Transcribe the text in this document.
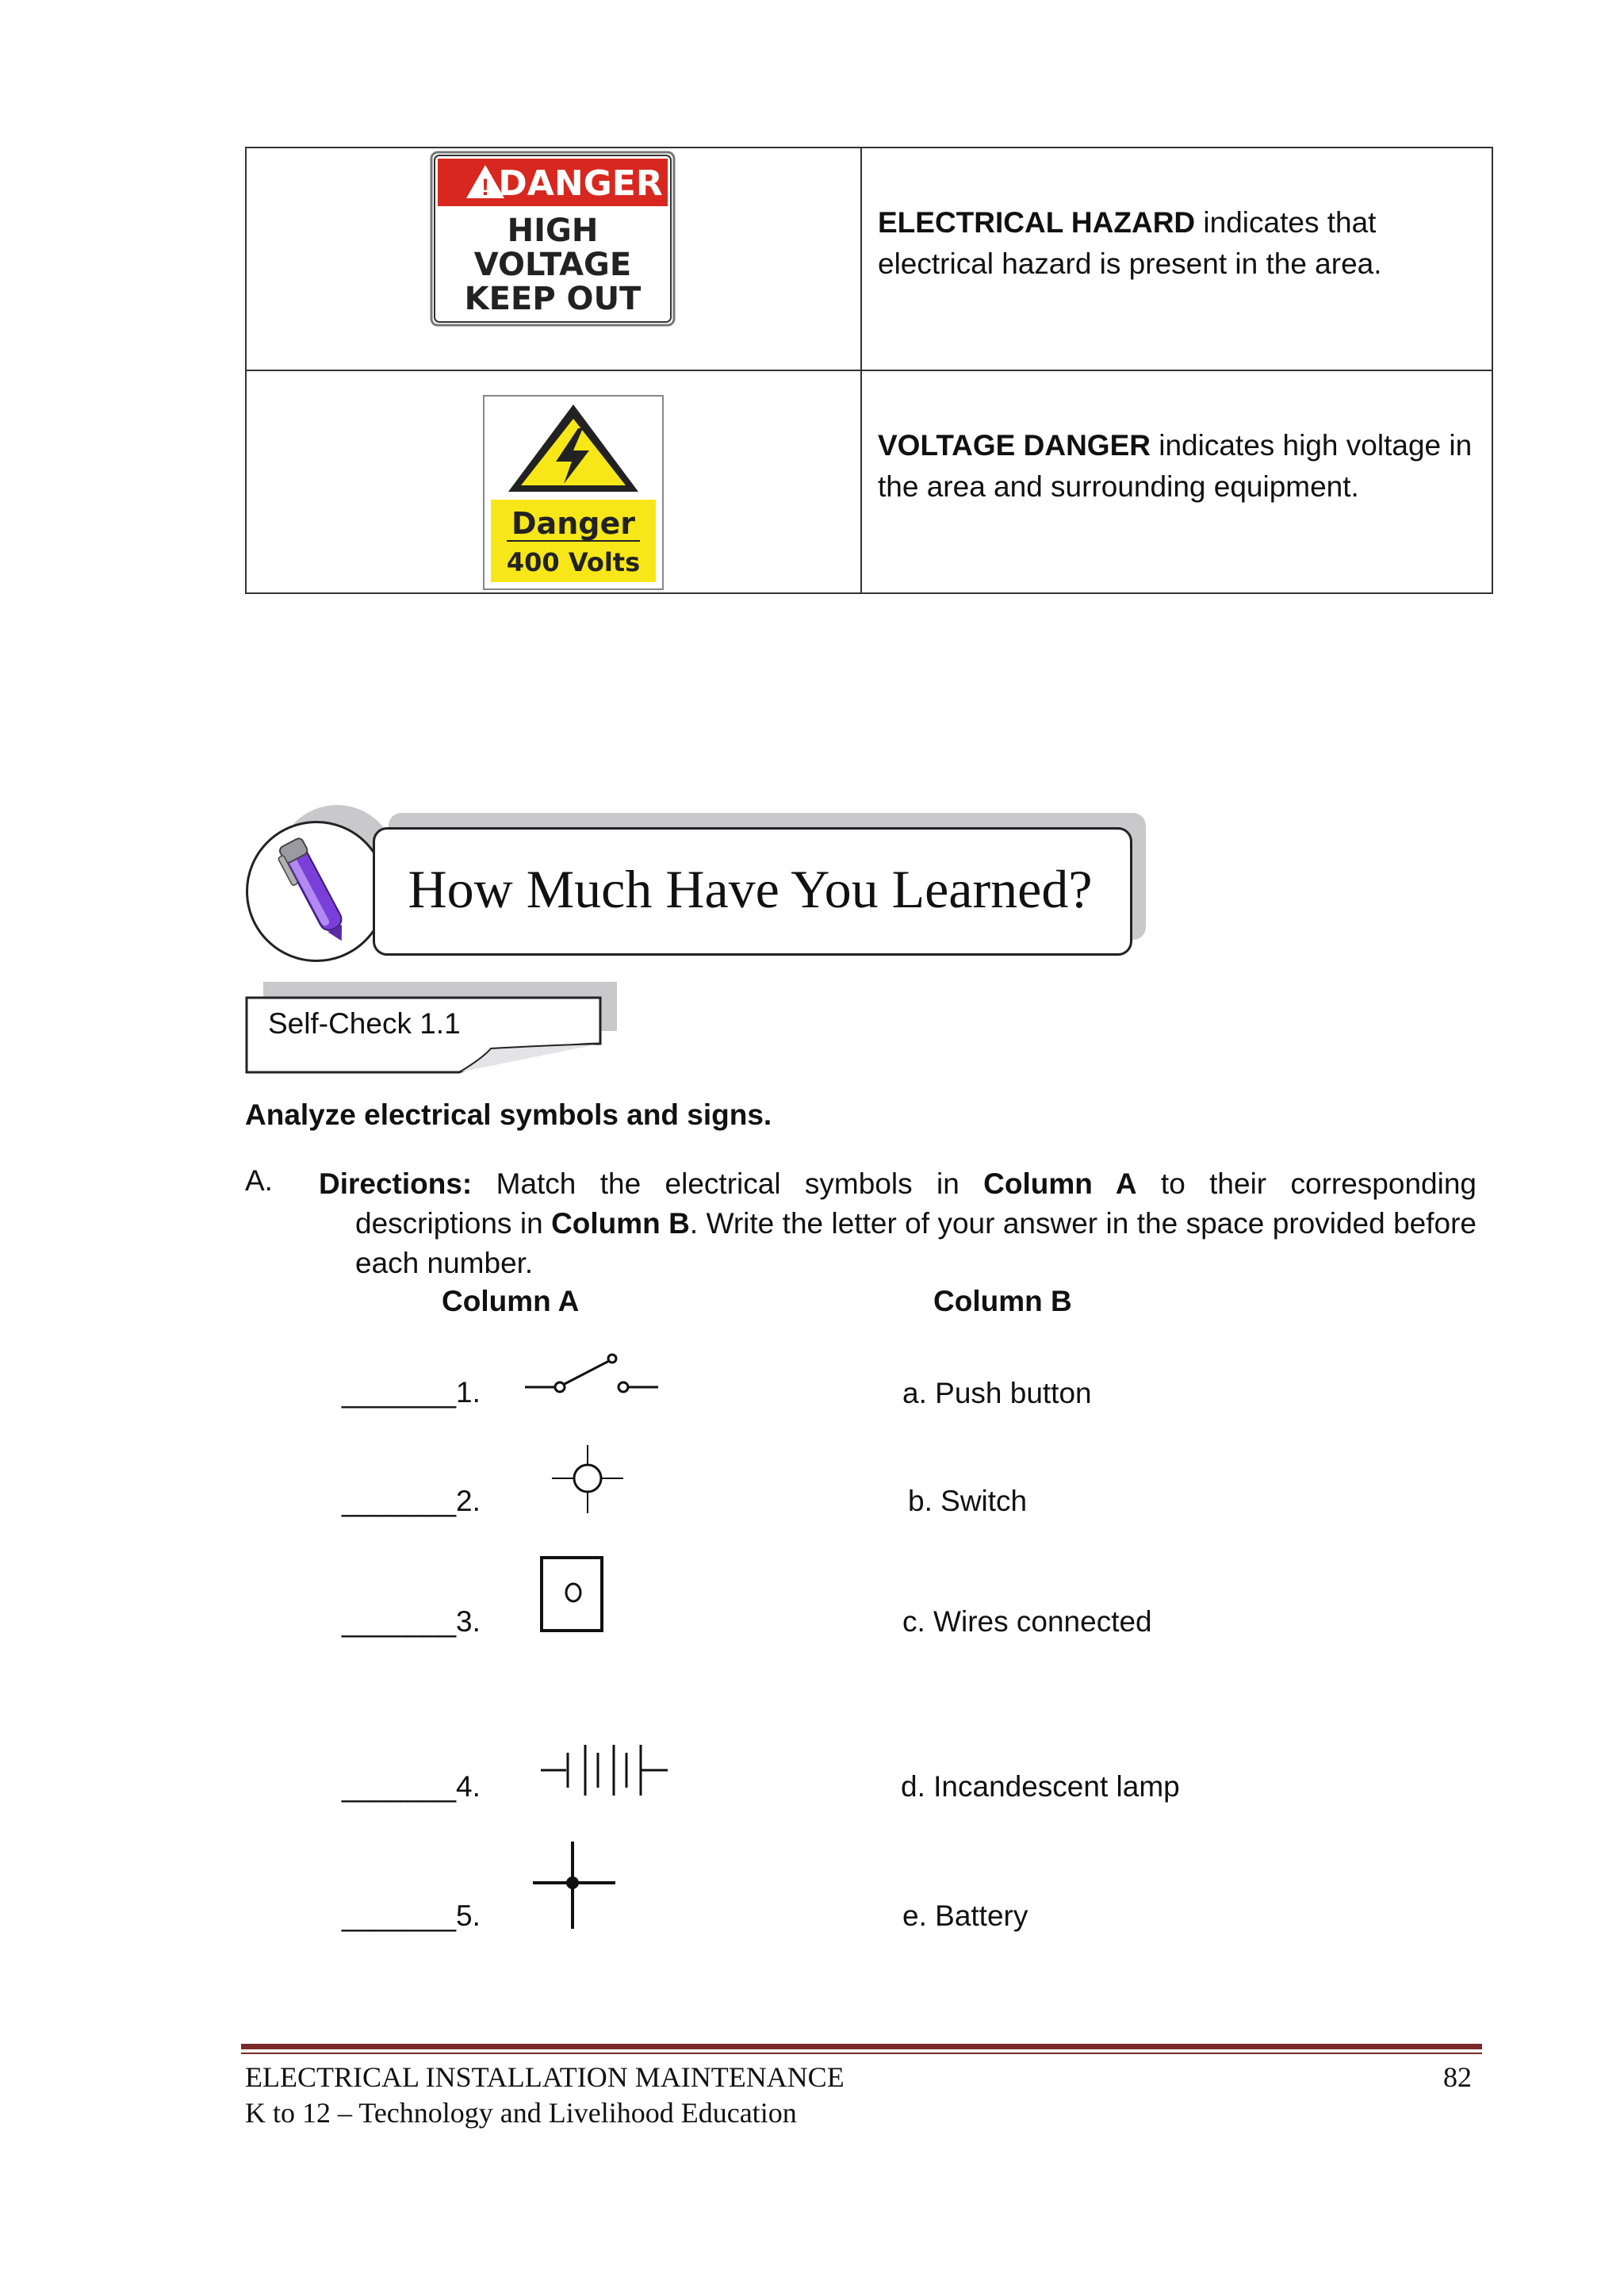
! DANGER
HIGH
VOLTAGE
KEEP OUT	ELECTRICAL HAZARD indicates that electrical hazard is present in the area.

Danger
400 Volts	VOLTAGE DANGER indicates high voltage in the area and surrounding equipment.
How Much Have You Learned?
Self-Check 1.1
Analyze electrical symbols and signs.
A. Directions: Match the electrical symbols in Column A to their corresponding descriptions in Column B. Write the letter of your answer in the space provided before each number.
Column A	Column B
_______1.	a. Push button
_______2.	b. Switch
_______3.	c. Wires connected
_______4.	d. Incandescent lamp
_______5.	e. Battery
ELECTRICAL INSTALLATION MAINTENANCE
K to 12 – Technology and Livelihood Education
82
